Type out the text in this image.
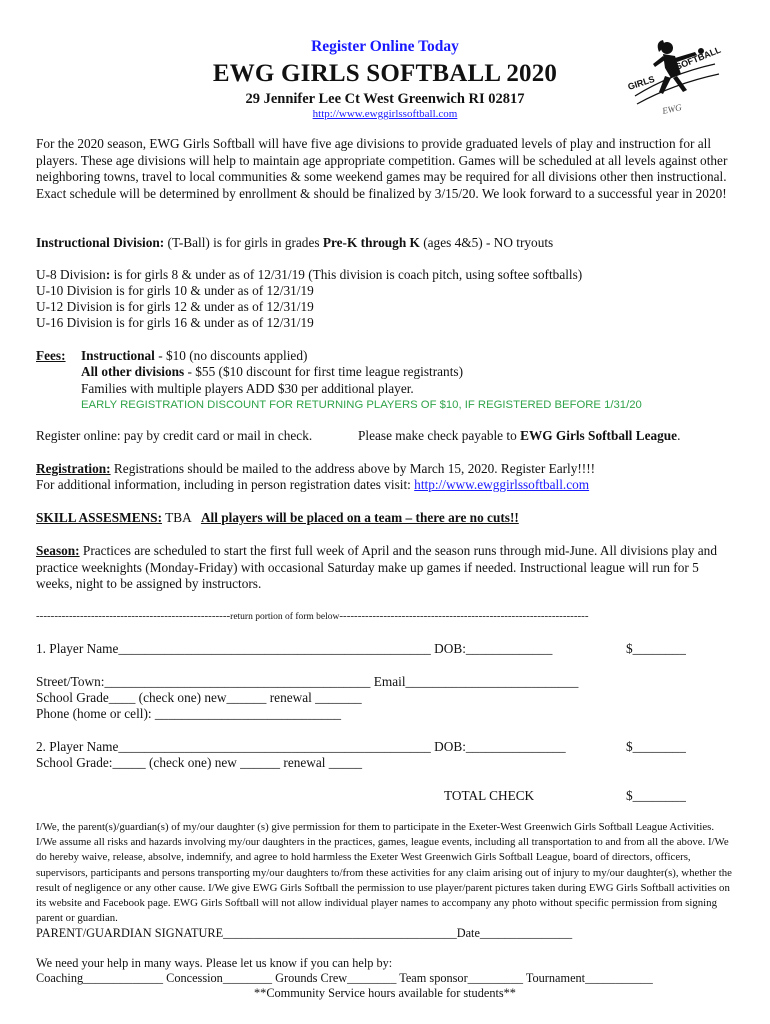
GIRLS
SOFTBALL
EWG
Register Online Today
EWG GIRLS SOFTBALL 2020
29 Jennifer Lee Ct West Greenwich RI 02817
http://www.ewggirlssoftball.com
For the 2020 season, EWG Girls Softball will have five age divisions to provide graduated levels of play and instruction for all players. These age divisions will help to maintain age appropriate competition. Games will be scheduled at all levels against other neighboring towns, travel to local communities & some weekend games may be required for all divisions other then instructional. Exact schedule will be determined by enrollment & should be finalized by 3/15/20. We look forward to a successful year in 2020!
Instructional Division: (T-Ball) is for girls in grades Pre-K through K (ages 4&5) - NO tryouts
U-8 Division: is for girls 8 & under as of 12/31/19 (This division is coach pitch, using softee softballs)
U-10 Division is for girls 10 & under as of 12/31/19
U-12 Division is for girls 12 & under as of 12/31/19
U-16 Division is for girls 16 & under as of 12/31/19
Fees: Instructional - $10 (no discounts applied)
All other divisions - $55 ($10 discount for first time league registrants)
Families with multiple players ADD $30 per additional player.
EARLY REGISTRATION DISCOUNT FOR RETURNING PLAYERS OF $10, IF REGISTERED BEFORE 1/31/20
Register online: pay by credit card or mail in check.	Please make check payable to EWG Girls Softball League.
Registration: Registrations should be mailed to the address above by March 15, 2020. Register Early!!!!
For additional information, including in person registration dates visit: http://www.ewggirlssoftball.com
SKILL ASSESMENS: TBA   All players will be placed on a team – there are no cuts!!
Season: Practices are scheduled to start the first full week of April and the season runs through mid-June. All divisions play and practice weeknights (Monday-Friday) with occasional Saturday make up games if needed. Instructional league will run for 5 weeks, night to be assigned by instructors.
-----------------------------------------------------return portion of form below--------------------------------------------------------------------
1. Player Name_______________________________________________ DOB:_____________	$________
Street/Town:________________________________________ Email__________________________
School Grade____ (check one) new______ renewal _______
Phone (home or cell): ____________________________
2. Player Name_______________________________________________ DOB:_______________	$________
School Grade:_____ (check one) new ______ renewal _____
TOTAL CHECK	$________
I/We, the parent(s)/guardian(s) of my/our daughter (s) give permission for them to participate in the Exeter-West Greenwich Girls Softball League Activities. I/We assume all risks and hazards involving my/our daughters in the practices, games, league events, including all transportation to and from all the above. I/We do hereby waive, release, absolve, indemnify, and agree to hold harmless the Exeter West Greenwich Girls Softball League, board of directors, officers, supervisors, participants and persons transporting my/our daughters to/from these activities for any claim arising out of injury to my/our daughter(s), whether the result of negligence or any other cause. I/We give EWG Girls Softball the permission to use player/parent pictures taken during EWG Girls Softball activities on its website and Facebook page. EWG Girls Softball will not allow individual player names to accompany any photo without specific permission from signing parent or guardian.
PARENT/GUARDIAN SIGNATURE______________________________________Date_______________
We need your help in many ways. Please let us know if you can help by:
Coaching_____________ Concession________ Grounds Crew________ Team sponsor_________ Tournament___________
**Community Service hours available for students**
